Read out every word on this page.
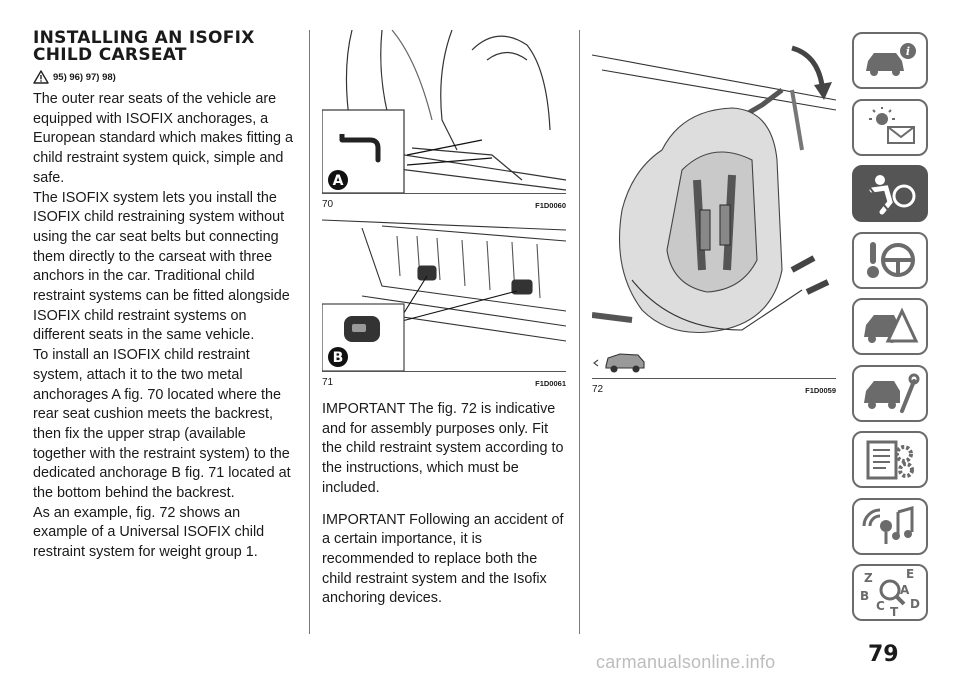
INSTALLING AN ISOFIX
CHILD CARSEAT
95) 96) 97) 98)

The outer rear seats of the vehicle are equipped with ISOFIX anchorages, a European standard which makes fitting a child restraint system quick, simple and safe.

The ISOFIX system lets you install the ISOFIX child restraining system without using the car seat belts but connecting them directly to the carseat with three anchors in the car. Traditional child restraint systems can be fitted alongside ISOFIX child restraint systems on different seats in the same vehicle.

To install an ISOFIX child restraint system, attach it to the two metal anchorages A fig. 70 located where the rear seat cushion meets the backrest, then fix the upper strap (available together with the restraint system) to the dedicated anchorage B fig. 71 located at the bottom behind the backrest.

As an example, fig. 72 shows an example of a Universal ISOFIX child restraint system for weight group 1.

A
70	F1D0060
B
71	F1D0061

IMPORTANT The fig. 72 is indicative and for assembly purposes only. Fit the child restraint system according to the instructions, which must be included.

IMPORTANT Following an accident of a certain importance, it is recommended to replace both the child restraint system and the Isofix anchoring devices.

72	F1D0059
i
Z	E
B	A
C D
T
79
carmanualsonline.info
